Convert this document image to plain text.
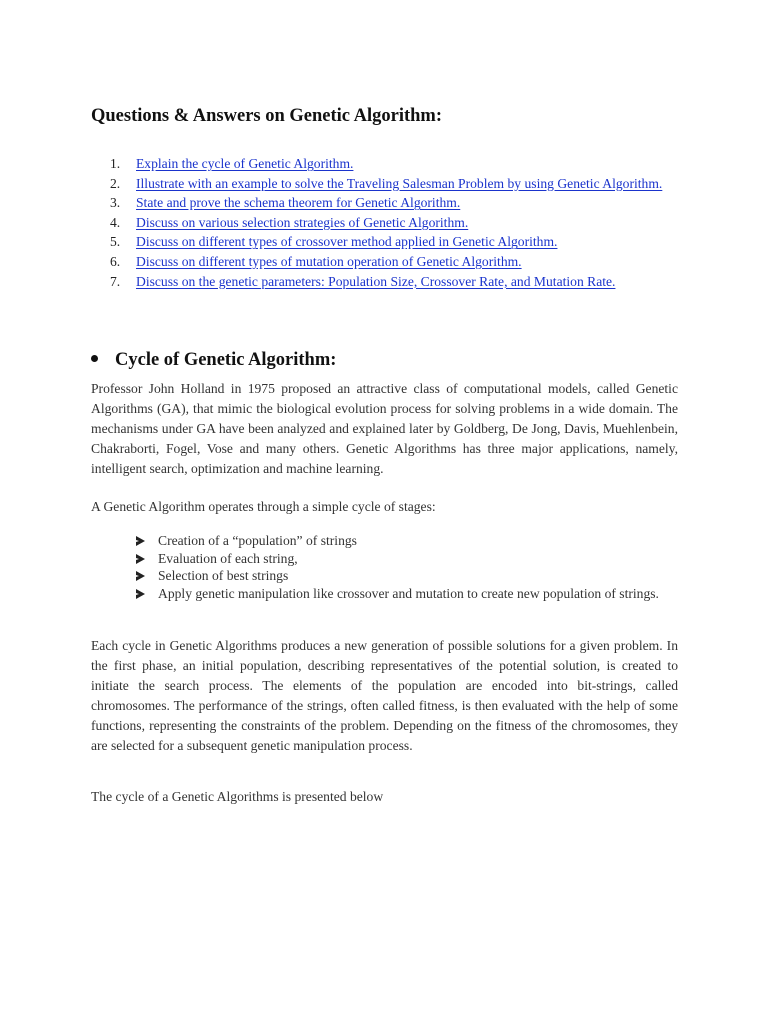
Questions & Answers on Genetic Algorithm:
1. Explain the cycle of Genetic Algorithm.
2. Illustrate with an example to solve the Traveling Salesman Problem by using Genetic Algorithm.
3. State and prove the schema theorem for Genetic Algorithm.
4. Discuss on various selection strategies of Genetic Algorithm.
5. Discuss on different types of crossover method applied in Genetic Algorithm.
6. Discuss on different types of mutation operation of Genetic Algorithm.
7. Discuss on the genetic parameters: Population Size, Crossover Rate, and Mutation Rate.
Cycle of Genetic Algorithm:

Professor John Holland in 1975 proposed an attractive class of computational models, called Genetic Algorithms (GA), that mimic the biological evolution process for solving problems in a wide domain. The mechanisms under GA have been analyzed and explained later by Goldberg, De Jong, Davis, Muehlenbein, Chakraborti, Fogel, Vose and many others. Genetic Algorithms has three major applications, namely, intelligent search, optimization and machine learning.

A Genetic Algorithm operates through a simple cycle of stages:

Creation of a “population” of strings
Evaluation of each string,
Selection of best strings
Apply genetic manipulation like crossover and mutation to create new population of strings.

Each cycle in Genetic Algorithms produces a new generation of possible solutions for a given problem. In the first phase, an initial population, describing representatives of the potential solution, is created to initiate the search process. The elements of the population are encoded into bit-strings, called chromosomes. The performance of the strings, often called fitness, is then evaluated with the help of some functions, representing the constraints of the problem. Depending on the fitness of the chromosomes, they are selected for a subsequent genetic manipulation process.

The cycle of a Genetic Algorithms is presented below
